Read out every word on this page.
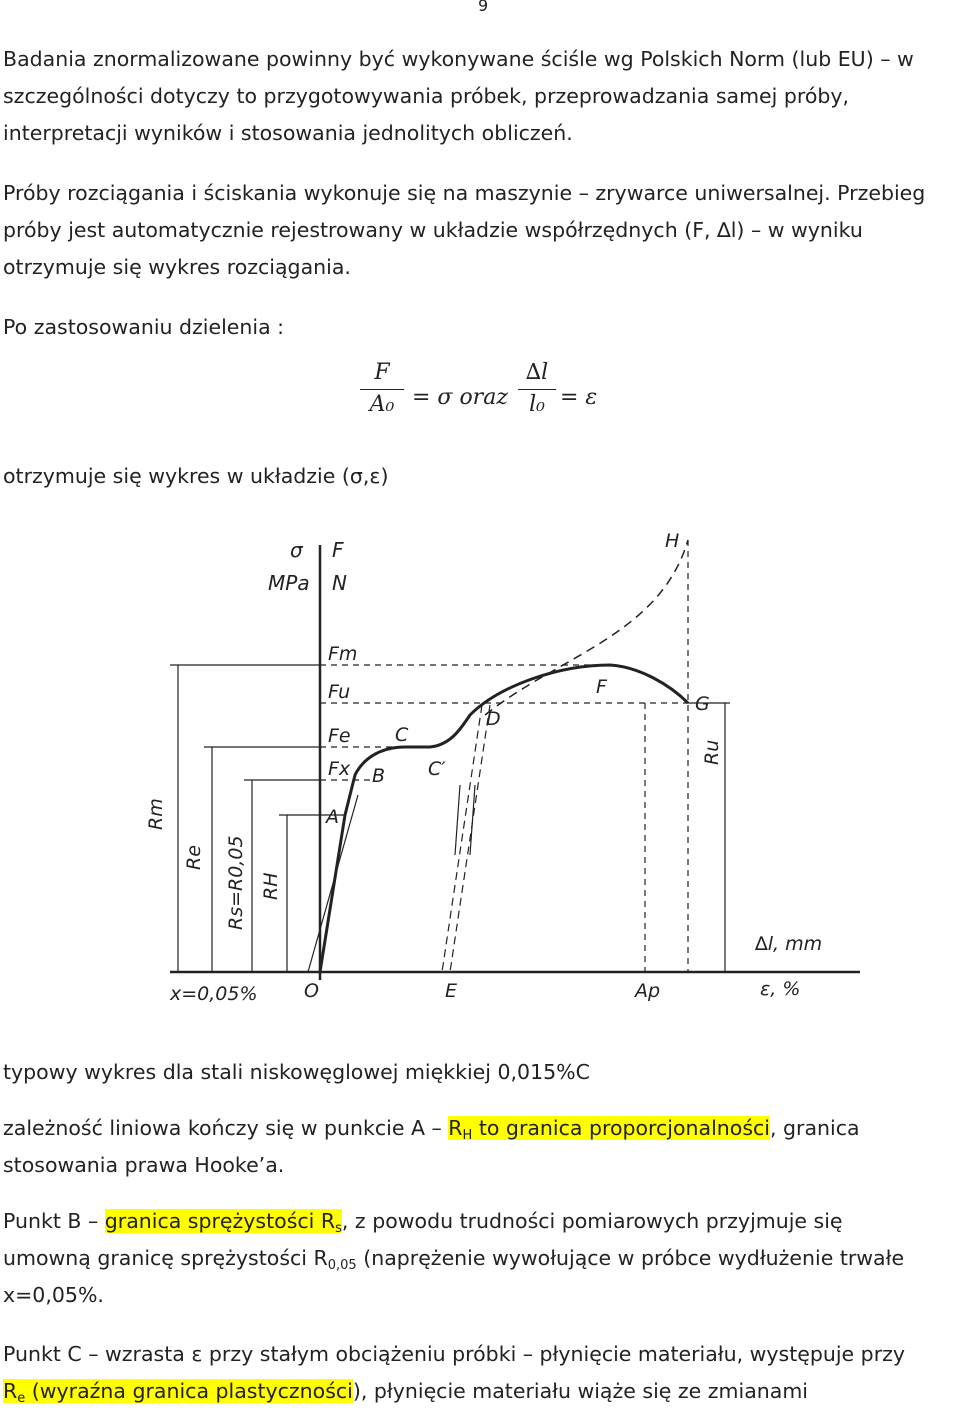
9

Badania znormalizowane powinny być wykonywane ściśle wg Polskich Norm (lub EU) – w

szczególności dotyczy to przygotowywania próbek, przeprowadzania samej próby,

interpretacji wyników i stosowania jednolitych obliczeń.

Próby rozciągania i ściskania wykonuje się na maszynie – zrywarce uniwersalnej. Przebieg

próby jest automatycznie rejestrowany w układzie współrzędnych (F, ∆l) – w wyniku

otrzymuje się wykres rozciągania.

Po zastosowaniu dzielenia :

F
A₀ = σ oraz
∆l
l₀ = ε

otrzymuje się wykres w układzie (σ,ε)

σ F
MPa N
Fm
Fu
Fe
Fx
A
B
C
C′
D
F
G
H
O	E	Ap
x=0,05%
∆l, mm
ε, %
Rm
Re Rs=R0,05 RH
Ru

typowy wykres dla stali niskowęglowej miękkiej 0,015%C

zależność liniowa kończy się w punkcie A – $R_H$ to granica proporcjonalności, granica

stosowania prawa Hooke’a.

Punkt B – granica sprężystości $R_s$, z powodu trudności pomiarowych przyjmuje się

umowną granicę sprężystości $R_{0,05}$ (naprężenie wywołujące w próbce wydłużenie trwałe

x=0,05%.

Punkt C – wzrasta ε przy stałym obciążeniu próbki – płynięcie materiału, występuje przy

$R_e$ (wyraźna granica plastyczności), płynięcie materiału wiąże się ze zmianami
